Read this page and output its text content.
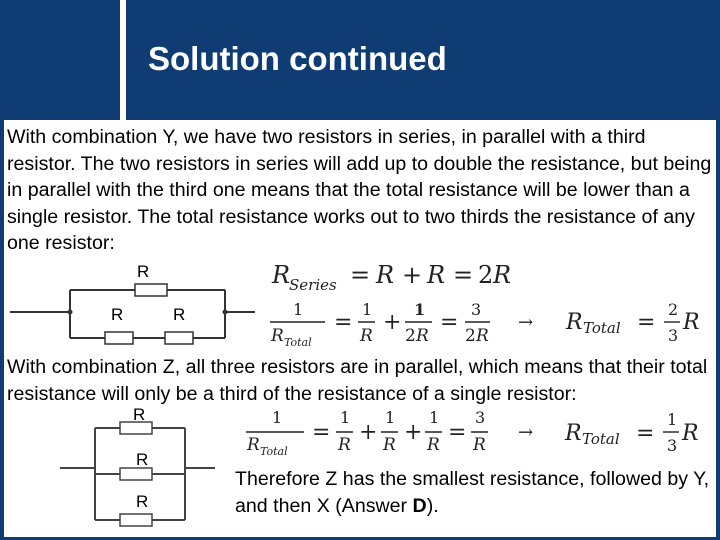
Solution continued

With combination Y, we have two resistors in series, in parallel with a third resistor. The two resistors in series will add up to double the resistance, but being in parallel with the third one means that the total resistance will be lower than a single resistor. The total resistance works out to two thirds the resistance of any one resistor:

R
Series = R + R = 2 R
1
R Total
=
1
R
+
1
2 R
=
3
2 R
→ R Total =
2
3
R
1
R Total
=
1
R +
1
R +
1
R =
3
R
→ R Total =
1
3 R
R
R	R

With combination Z, all three resistors are in parallel, which means that their total resistance will only be a third of the resistance of a single resistor:

R
R
R

Therefore Z has the smallest resistance, followed by Y, and then X (Answer D).
